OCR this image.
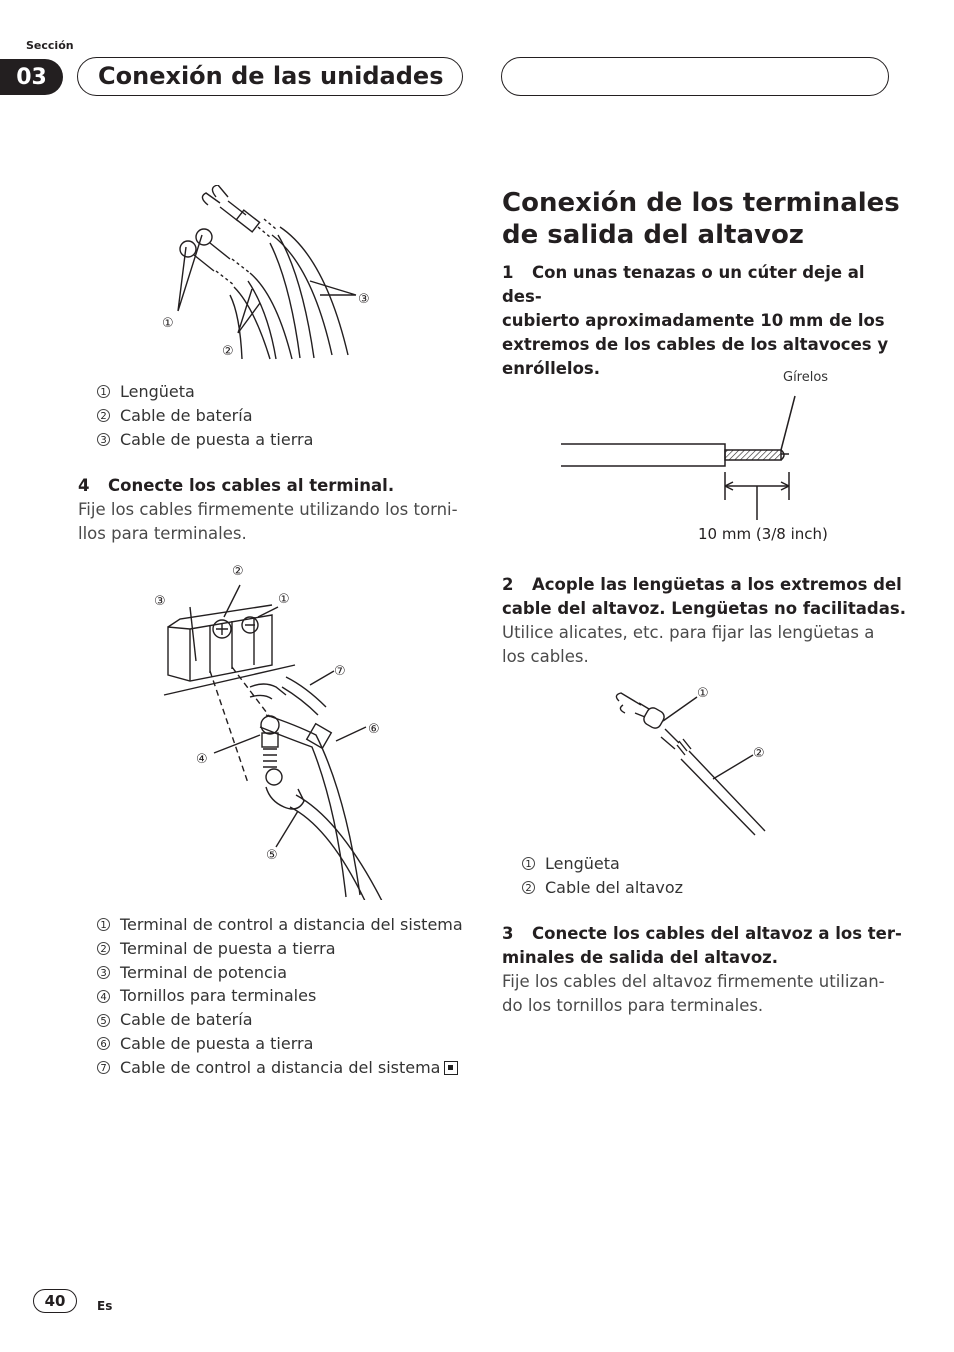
Sección
03	Conexión de las unidades
①
②
③
1 Lengüeta
2 Cable de batería
3 Cable de puesta a tierra
4 Conecte los cables al terminal.
Fije los cables firmemente utilizando los torni-
llos para terminales.
③
②
①
⑦
⑥
④
⑤
1 Terminal de control a distancia del sistema
2 Terminal de puesta a tierra
3 Terminal de potencia
4 Tornillos para terminales
5 Cable de batería
6 Cable de puesta a tierra
7 Cable de control a distancia del sistema
Conexión de los terminales
de salida del altavoz
1 Con unas tenazas o un cúter deje al des-
cubierto aproximadamente 10 mm de los
extremos de los cables de los altavoces y
enróllelos.	Gírelos
10 mm (3/8 inch)
2 Acople las lengüetas a los extremos del
cable del altavoz. Lengüetas no facilitadas.
Utilice alicates, etc. para fijar las lengüetas a
los cables.
①
②
1 Lengüeta
2 Cable del altavoz
3 Conecte los cables del altavoz a los ter-
minales de salida del altavoz.
Fije los cables del altavoz firmemente utilizan-
do los tornillos para terminales.
40	Es
